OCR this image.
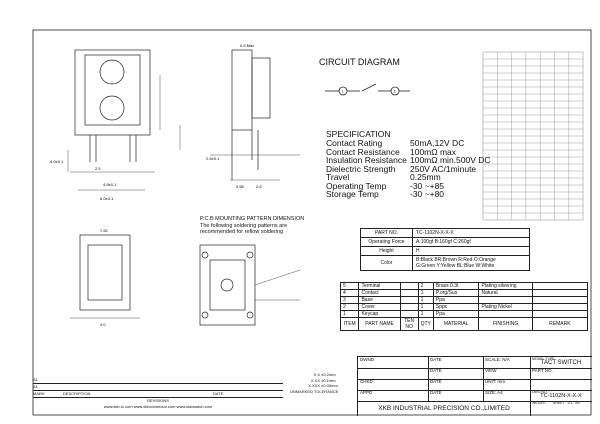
2.5
4.5±0.1
6.0±0.1
4.0±0.1
0.5 Max
2.5±0.1
3.55	2.6
1	2
7.62
4.0
CIRCUIT DIAGRAM
SPECIFICATION
Contact Rating	50mA,12V DC
Contact Resistance	100mΩ max
Insulation Resistance 100mΩ min.500V DC
Dielectric Strength	250V AC/1minute
Travel	0.25mm
Operating Temp	-30 ~+85
Storage Temp	-30 ~+80
P.C.B MOUNTING PATTERN DIMENSION
The following soldering patterns are
recommended for reflow soldering	PART NO.	TC-1102N-X-X-X
Operating Force	A:100gf B:160gf C:260gf
Height	H
Color	B:Black BR:Brown R:Red O:Orange
G:Green Y:Yellow BL:Blue W:White
5	Terminal		2	Brass 0.3t	Plating silvering	
4	Contact		1	P.org/Sus	Natural	
3	Base		1	Ppa		
2	Cover		1	Sppc	Plating Nickel	
1	Keycap		1	Ppa		
ITEM	PART NAME	TEN NO	QTY	MATERIAL	FINISHING	REMARK
DWND	DATE	SCALE: N/A	MODEL TYPE
TACT SWITCH
DATE	VIEW	PART NO.
CHKD	DATE	UNIT: mm
APPD	DATE	SIZE: A4	DWG NO.
TC-1102N-X-X-X
XKB INDUSTRIAL PRECISION CO.,LIMITED
WEIGHT SHEET 1/1 A0
X.X ±0.2mm
X.XX ±0.1mm
X.XXX ±0.05mm
UNMARKED TOLERANCE
A1
A1
MARK	DESCRIPTION	DATE
REVISIONS
www.xkb-ic.com www.xkbconnector.com www.xkbswitch.com
